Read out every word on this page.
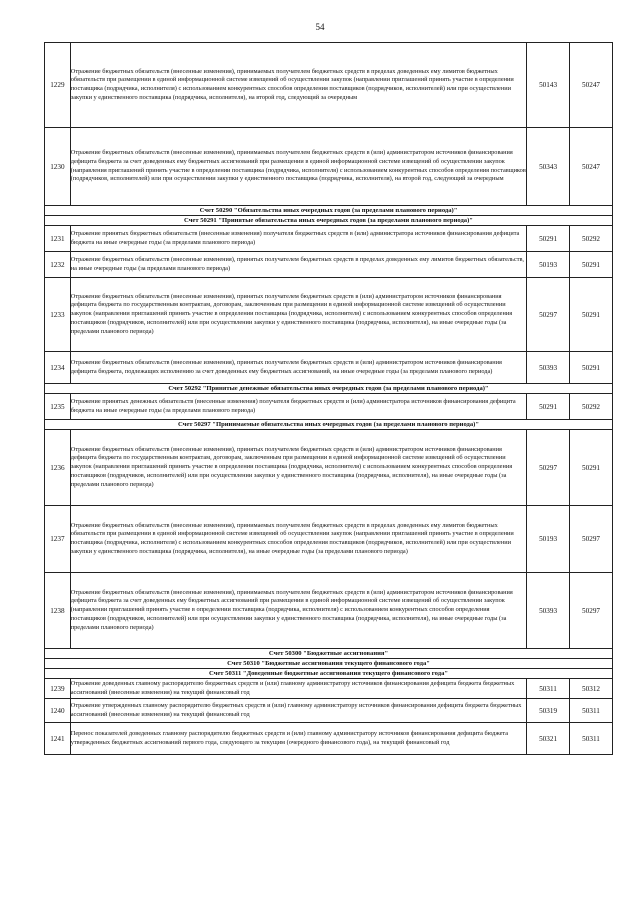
54
1229	Отражение бюджетных обязательств (внесенные изменения), принимаемых получателем бюджетных средств в пределах доведенных ему лимитов бюджетных обязательств при размещении в единой информационной системе извещений об осуществлении закупок (направлении приглашений принять участие в определении поставщика (подрядчика, исполнителя) с использованием конкурентных способов определения поставщиков (подрядчиков, исполнителей) или при осуществлении закупки у единственного поставщика (подрядчика, исполнителя), на второй год, следующий за очередным	50143	50247
1230	Отражение бюджетных обязательств (внесенные изменения), принимаемых получателем бюджетных средств в (или) администратором источников финансирования дефицита бюджета за счет доведенных ему бюджетных ассигнований при размещении в единой информационной системе извещений об осуществлении закупок (направления приглашений принять участие в определении поставщика (подрядчика, исполнителя) с использованием конкурентных способов определения поставщиков (подрядчиков, исполнителей) или при осуществлении закупки у единственного поставщика (подрядчика, исполнителя), на второй год, следующий за очередным	50343	50247
Счет 50290 "Обязательства иных очередных годов (за пределами планового периода)"			
Счет 50291 "Принятые обязательства иных очередных годов (за пределами планового периода)"			
1231	Отражение принятых бюджетных обязательств (внесенные изменения) получателя бюджетных средств в (или) администратора источников финансирования дефицита бюджета на иные очередные годы (за пределами планового периода)	50291	50292
1232	Отражение бюджетных обязательств (внесенные изменения), принятых получателем бюджетных средств в пределах доведенных ему лимитов бюджетных обязательств, на иные очередные годы (за пределами планового периода)	50193	50291
1233	Отражение бюджетных обязательств (внесенные изменения), принятых получателем бюджетных средств в (или) администратором источников финансирования дефицита бюджета по государственным контрактам, договорам, заключенным при размещении в единой информационной системе извещений об осуществлении закупок (направлении приглашений принять участие в определении поставщика (подрядчика, исполнителя) с использованием конкурентных способов определения поставщиков (подрядчиков, исполнителей) или при осуществлении закупки у единственного поставщика (подрядчика, исполнителя), на иные очередные годы (за пределами планового периода)	50297	50291
1234	Отражение бюджетных обязательств (внесенные изменения), принятых получателем бюджетных средств и (или) администратором источников финансирования дефицита бюджета, подлежащих исполнению за счет доведенных ему бюджетных ассигнований, на иные очередные годы (за пределами планового периода)	50393	50291
Счет 50292 "Принятые денежные обязательства иных очередных годов (за пределами планового периода)"			
1235	Отражение принятых денежных обязательств (внесенные изменения) получателя бюджетных средств и (или) администратора источников финансирования дефицита бюджета на иные очередные годы (за пределами планового периода)	50291	50292
Счет 50297 "Принимаемые обязательства иных очередных годов (за пределами планового периода)"			
1236	Отражение бюджетных обязательств (внесенные изменения), принятых получателем бюджетных средств и (или) администратором источников финансирования дефицита бюджета по государственным контрактам, договорам, заключенным при размещении в единой информационной системе извещений об осуществлении закупок (направлении приглашений принять участие в определении поставщика (подрядчика, исполнителя) с использованием конкурентных способов определения поставщиков (подрядчиков, исполнителей) или при осуществлении закупки у единственного поставщика (подрядчика, исполнителя), на иные очередные годы (за пределами планового периода)	50297	50291
1237	Отражение бюджетных обязательств (внесенные изменения), принимаемых получателем бюджетных средств в пределах доведенных ему лимитов бюджетных обязательств при размещении в единой информационной системе извещений об осуществлении закупок (направлении приглашений принять участие в определении поставщика (подрядчика, исполнителя) с использованием конкурентных способов определения поставщиков (подрядчиков, исполнителей) или при осуществлении закупки у единственного поставщика (подрядчика, исполнителя), на иные очередные годы (за пределами планового периода)	50193	50297
1238	Отражение бюджетных обязательств (внесенные изменения), принимаемых получателем бюджетных средств в (или) администратором источников финансирования дефицита бюджета за счет доведенных ему бюджетных ассигнований при размещении в единой информационной системе извещений об осуществлении закупок (направлении приглашений принять участие в определении поставщика (подрядчика, исполнителя) с использованием конкурентных способов определения поставщиков (подрядчиков, исполнителей) или при осуществлении закупки у единственного поставщика (подрядчика, исполнителя), на иные очередные годы (за пределами планового периода)	50393	50297
Счет 50300 "Бюджетные ассигнования"			
Счет 50310 "Бюджетные ассигнования текущего финансового года"			
Счет 50311 "Доведенные бюджетные ассигнования текущего финансового года"			
1239	Отражение доведенных главному распорядителю бюджетных средств и (или) главному администратору источников финансирования дефицита бюджета бюджетных ассигнований (внесенные изменения) на текущий финансовый год	50311	50312
1240	Отражение утвержденных главному распорядителю бюджетных средств и (или) главному администратору источников финансирования дефицита бюджета бюджетных ассигнований (внесенные изменения) на текущий финансовый год	50319	50311
1241	Перенос показателей доведенных главному распорядителю бюджетных средств и (или) главному администратору источников финансирования дефицита бюджета утвержденных бюджетных ассигнований первого года, следующего за текущим (очередного финансового года), на текущий финансовый год	50321	50311
